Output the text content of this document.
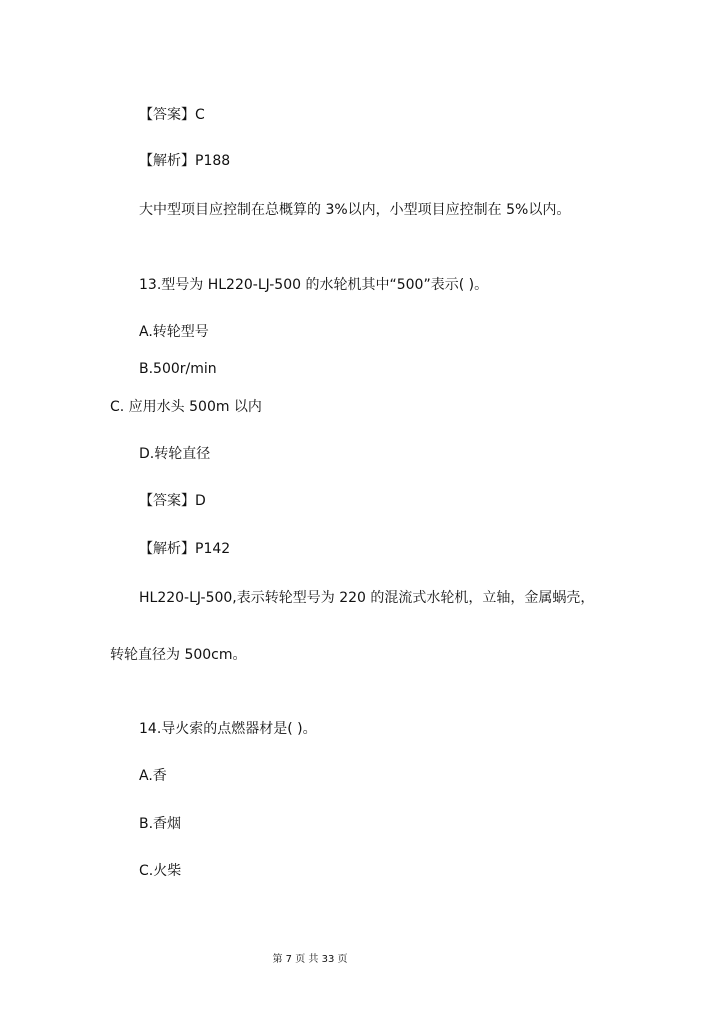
【答案】C
【解析】P188
大中型项目应控制在总概算的 3%以内，小型项目应控制在 5%以内。
13.型号为 HL220-LJ-500 的水轮机其中“500”表示( )。
A.转轮型号
B.500r/min
C. 应用水头 500m 以内
D.转轮直径
【答案】D
【解析】P142
HL220-LJ-500,表示转轮型号为 220 的混流式水轮机，立轴，金属蜗壳，
转轮直径为 500cm。
14.导火索的点燃器材是( )。
A.香
B.香烟
C.火柴
第 7 页 共 33 页
